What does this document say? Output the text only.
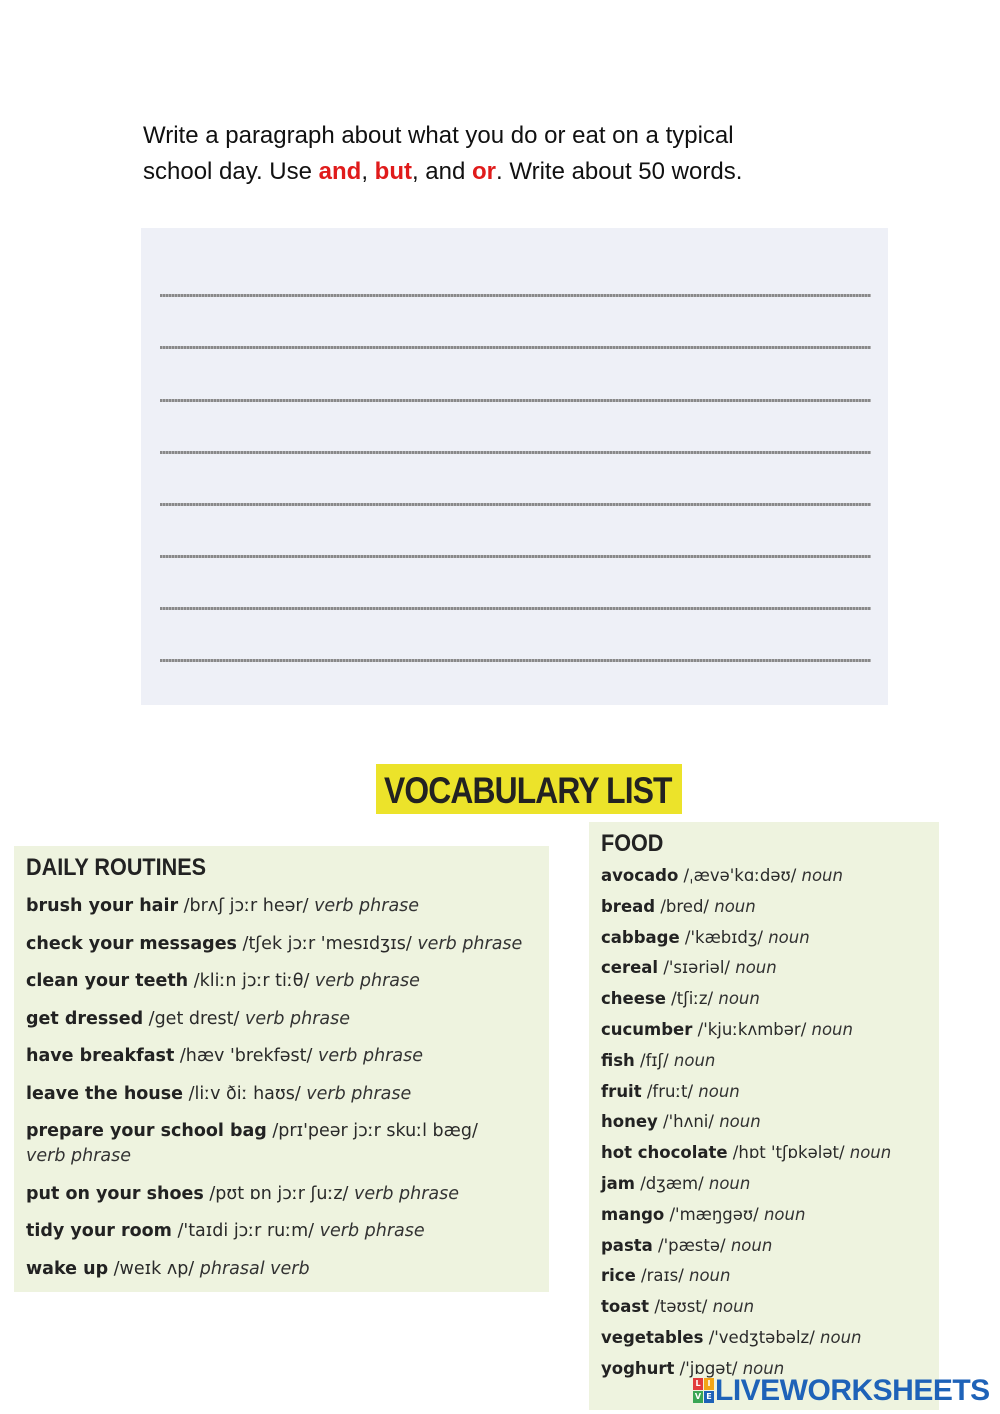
Write a paragraph about what you do or eat on a typical
school day. Use and, but, and or. Write about 50 words.
VOCABULARY LIST
DAILY ROUTINES
brush your hair /brʌʃ jɔːr heər/ verb phrase
check your messages /tʃek jɔːr 'mesɪdʒɪs/ verb phrase
clean your teeth /kliːn jɔːr tiːθ/ verb phrase
get dressed /get drest/ verb phrase
have breakfast /hæv 'brekfəst/ verb phrase
leave the house /liːv ðiː haʊs/ verb phrase
prepare your school bag /prɪ'peər jɔːr skuːl bæg/
verb phrase
put on your shoes /pʊt ɒn jɔːr ʃuːz/ verb phrase
tidy your room /'taɪdi jɔːr ruːm/ verb phrase
wake up /weɪk ʌp/ phrasal verb
FOOD
avocado /ˌævə'kɑːdəʊ/ noun
bread /bred/ noun
cabbage /'kæbɪdʒ/ noun
cereal /'sɪəriəl/ noun
cheese /tʃiːz/ noun
cucumber /'kjuːkʌmbər/ noun
fish /fɪʃ/ noun
fruit /fruːt/ noun
honey /'hʌni/ noun
hot chocolate /hɒt 'tʃɒkələt/ noun
jam /dʒæm/ noun
mango /'mæŋgəʊ/ noun
pasta /'pæstə/ noun
rice /raɪs/ noun
toast /təʊst/ noun
vegetables /'vedʒtəbəlz/ noun
yoghurt /'jɒgət/ noun
L I
V E LIVEWORKSHEETS
